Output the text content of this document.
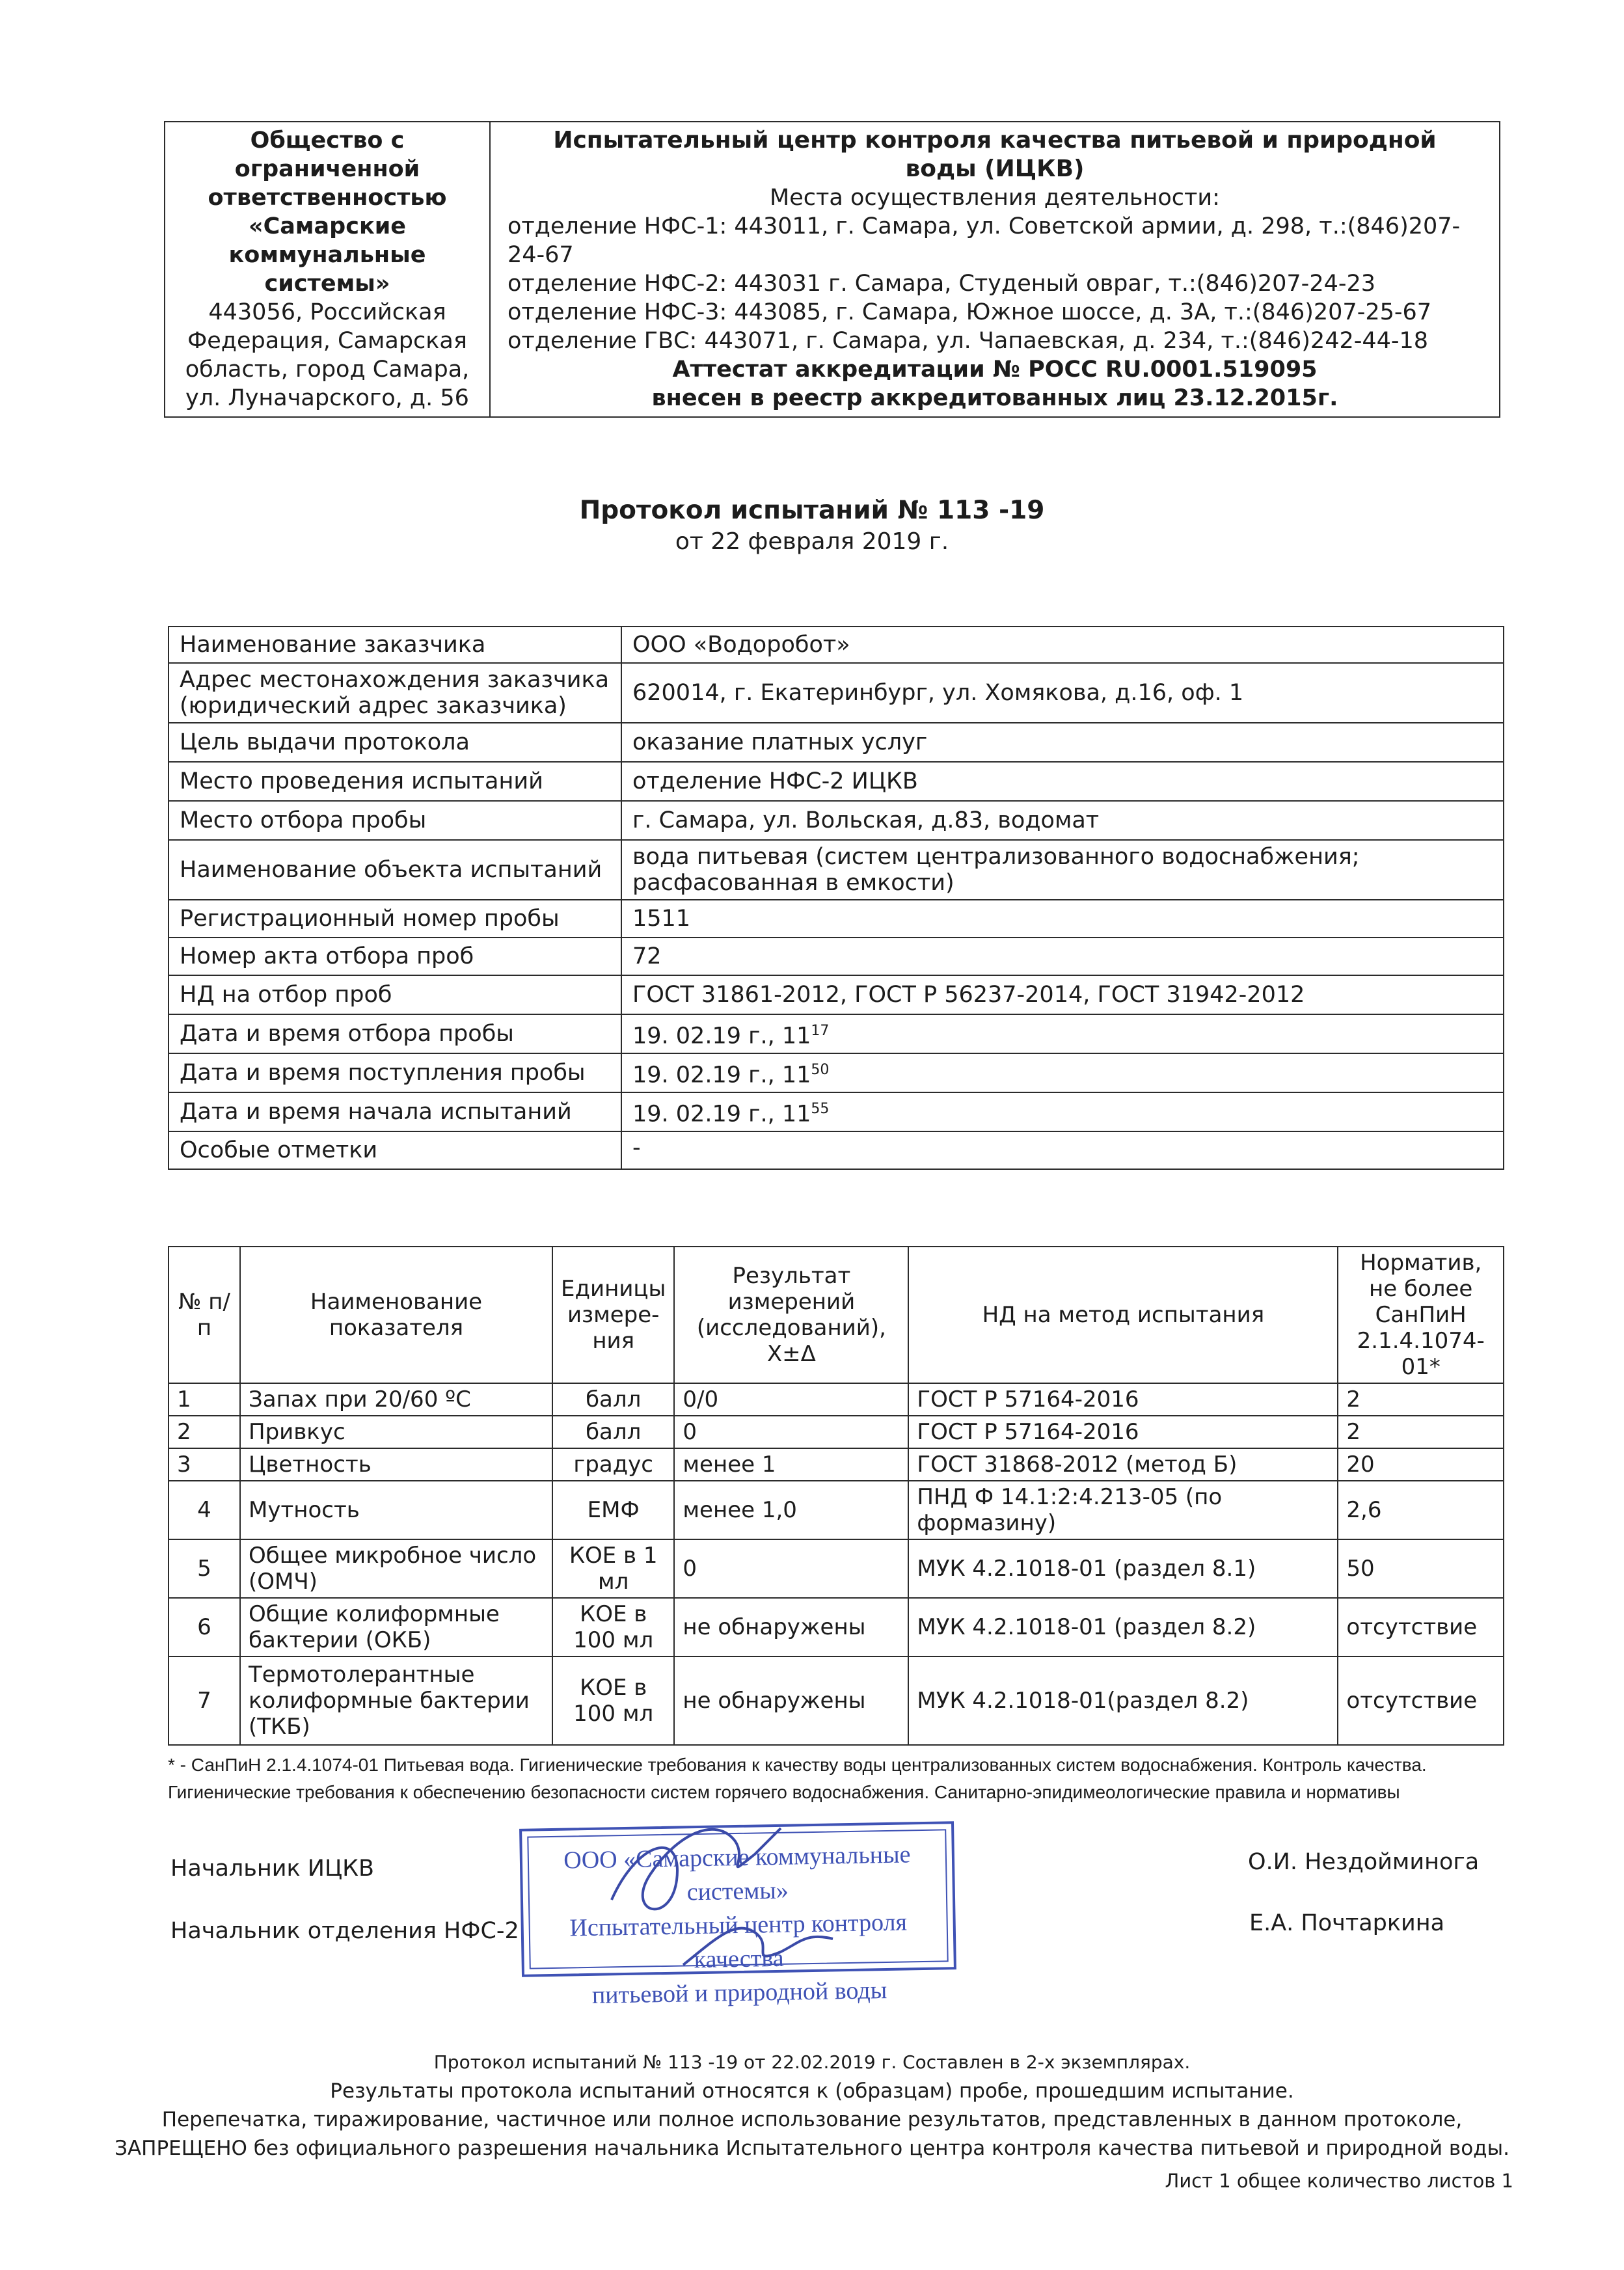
Общество с
ограниченной
ответственностью
«Самарские
коммунальные
системы»
443056, Российская
Федерация, Самарская
область, город Самара,
ул. Луначарского, д. 56

Испытательный центр контроля качества питьевой и природной
воды (ИЦКВ)
Места осуществления деятельности:
отделение НФС-1: 443011, г. Самара, ул. Советской армии, д. 298, т.:(846)207-24-67
отделение НФС-2: 443031 г. Самара, Студеный овраг, т.:(846)207-24-23
отделение НФС-3: 443085, г. Самара, Южное шоссе, д. 3А, т.:(846)207-25-67
отделение ГВС: 443071, г. Самара, ул. Чапаевская, д. 234, т.:(846)242-44-18
Аттестат аккредитации № РОСС RU.0001.519095
внесен в реестр аккредитованных лиц 23.12.2015г.
Протокол испытаний № 113 -19
от 22 февраля 2019 г.
Наименование заказчика	ООО «Водоробот»
Адрес местонахождения заказчика (юридический адрес заказчика)	620014, г. Екатеринбург, ул. Хомякова, д.16, оф. 1
Цель выдачи протокола	оказание платных услуг
Место проведения испытаний	отделение НФС-2 ИЦКВ
Место отбора пробы	г. Самара, ул. Вольская, д.83, водомат
Наименование объекта испытаний	вода питьевая (систем централизованного водоснабжения; расфасованная в емкости)
Регистрационный номер пробы	1511
Номер акта отбора проб	72
НД на отбор проб	ГОСТ 31861-2012, ГОСТ Р 56237-2014, ГОСТ 31942-2012
Дата и время отбора пробы	19. 02.19 г., $11^{17}$
Дата и время поступления пробы	19. 02.19 г., $11^{50}$
Дата и время начала испытаний	19. 02.19 г., $11^{55}$
Особые отметки	-
№ п/п	Наименование показателя	Единицы измере-ния	Результат измерений (исследований), X±Δ	НД на метод испытания	Норматив, не более СанПиН 2.1.4.1074-01*
1	Запах при 20/60 ºС	балл	0/0	ГОСТ Р 57164-2016	2
2	Привкус	балл	0	ГОСТ Р 57164-2016	2
3	Цветность	градус	менее 1	ГОСТ 31868-2012 (метод Б)	20
4	Мутность	ЕМФ	менее 1,0	ПНД Ф 14.1:2:4.213-05 (по формазину)	2,6
5	Общее микробное число (ОМЧ)	КОЕ в 1 мл	0	МУК 4.2.1018-01 (раздел 8.1)	50
6	Общие колиформные бактерии (ОКБ)	КОЕ в 100 мл	не обнаружены	МУК 4.2.1018-01 (раздел 8.2)	отсутствие
7	Термотолерантные колиформные бактерии (ТКБ)	КОЕ в 100 мл	не обнаружены	МУК 4.2.1018-01(раздел 8.2)	отсутствие
* - СанПиН 2.1.4.1074-01 Питьевая вода. Гигиенические требования к качеству воды централизованных систем водоснабжения. Контроль качества. Гигиенические требования к обеспечению безопасности систем горячего водоснабжения. Санитарно-эпидимеологические правила и нормативы
Начальник ИЦКВ	О.И. Нездойминога
Начальник отделения НФС-2	Е.А. Почтаркина
ООО «Самарские коммунальные системы»
Испытательный центр контроля качества
питьевой и природной воды
Протокол испытаний № 113 -19 от 22.02.2019 г. Составлен в 2-х экземплярах.
Результаты протокола испытаний относятся к (образцам) пробе, прошедшим испытание.
Перепечатка, тиражирование, частичное или полное использование результатов, представленных в данном протоколе,
ЗАПРЕЩЕНО без официального разрешения начальника Испытательного центра контроля качества питьевой и природной воды.
Лист 1 общее количество листов 1
